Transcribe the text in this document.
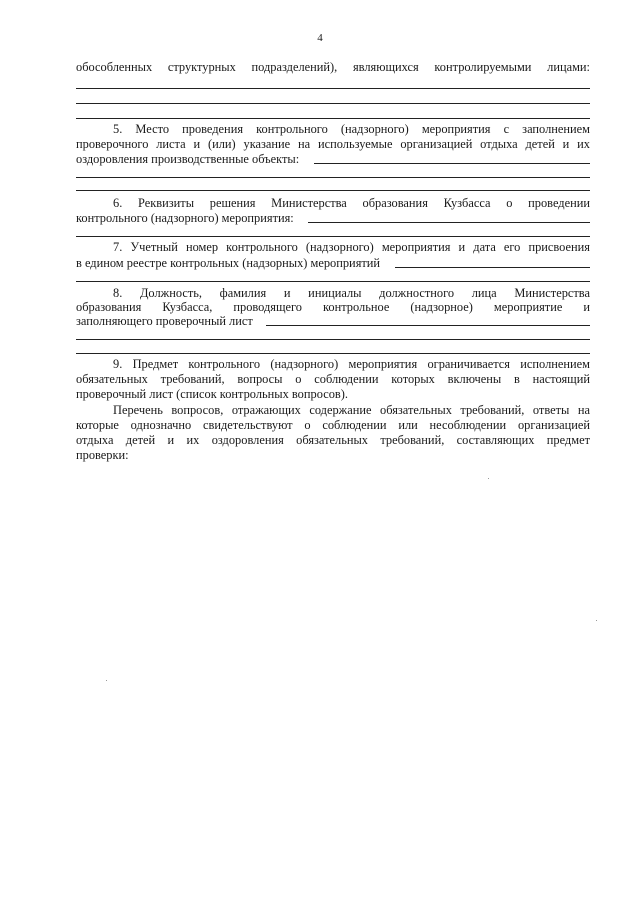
4
обособленных структурных подразделений), являющихся контролируемыми лицами:
5. Место проведения контрольного (надзорного) мероприятия с заполнением
проверочного листа и (или) указание на используемые организацией отдыха детей и их
оздоровления производственные объекты:
6. Реквизиты решения Министерства образования Кузбасса о проведении
контрольного (надзорного) мероприятия:
7. Учетный номер контрольного (надзорного) мероприятия и дата его присвоения
в едином реестре контрольных (надзорных) мероприятий
8. Должность, фамилия и инициалы должностного лица Министерства
образования Кузбасса, проводящего контрольное (надзорное) мероприятие и
заполняющего проверочный лист
9. Предмет контрольного (надзорного) мероприятия ограничивается исполнением
обязательных требований, вопросы о соблюдении которых включены в настоящий
проверочный лист (список контрольных вопросов).
Перечень вопросов, отражающих содержание обязательных требований, ответы на
которые однозначно свидетельствуют о соблюдении или несоблюдении организацией
отдыха детей и их оздоровления обязательных требований, составляющих предмет
проверки:
